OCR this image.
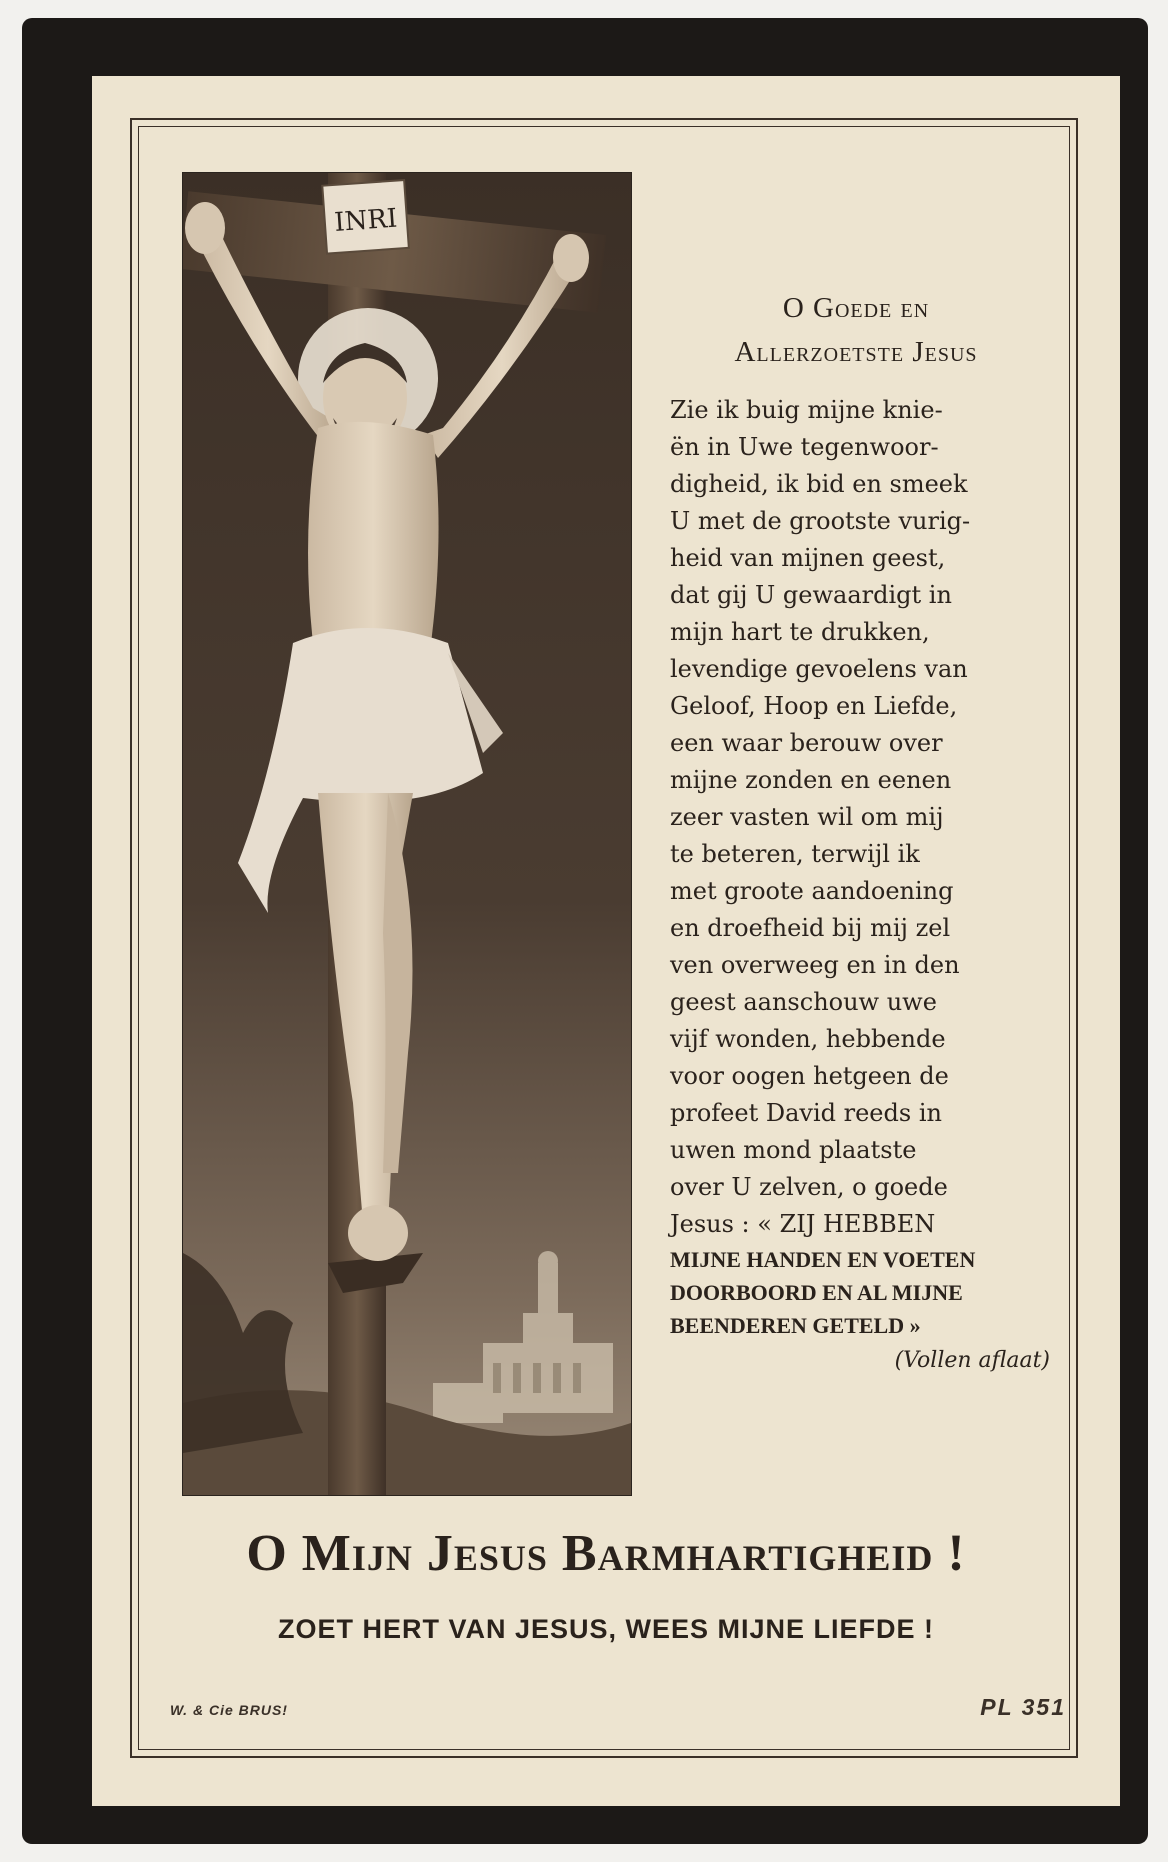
INRI
O Goede en
Allerzoetste Jesus
Zie ik buig mijne knie-
ën in Uwe tegenwoor-
digheid, ik bid en smeek
U met de grootste vurig-
heid van mijnen geest,
dat gij U gewaardigt in
mijn hart te drukken,
levendige gevoelens van
Geloof, Hoop en Liefde,
een waar berouw over
mijne zonden en eenen
zeer vasten wil om mij
te beteren, terwijl ik
met groote aandoening
en droefheid bij mij zel
ven overweeg en in den
geest aanschouw uwe
vijf wonden, hebbende
voor oogen hetgeen de
profeet David reeds in
uwen mond plaatste
over U zelven, o goede
Jesus : « ZIJ HEBBEN
MIJNE HANDEN EN VOETEN
DOORBOORD EN AL MIJNE
BEENDEREN GETELD »
(Vollen aflaat)
O Mijn Jesus Barmhartigheid !
ZOET HERT VAN JESUS, WEES MIJNE LIEFDE !
W. & Cie BRUS!	PL 351
